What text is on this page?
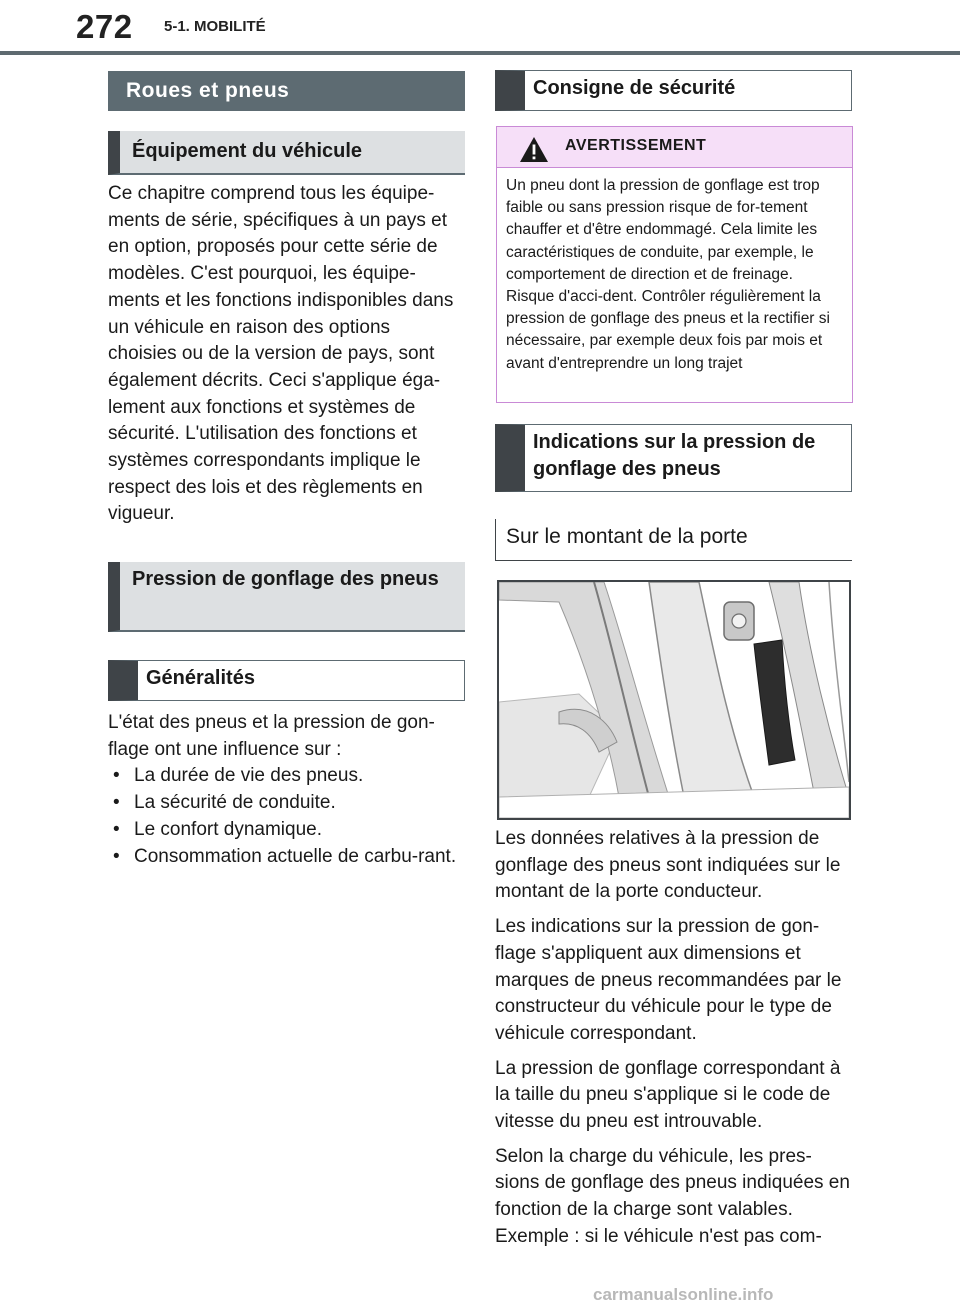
272 5-1. MOBILITÉ
Roues et pneus
Équipement du véhicule

Ce chapitre comprend tous les équipe-ments de série, spécifiques à un pays et en option, proposés pour cette série de modèles. C'est pourquoi, les équipe-ments et les fonctions indisponibles dans un véhicule en raison des options choisies ou de la version de pays, sont également décrits. Ceci s'applique éga-lement aux fonctions et systèmes de sécurité. L'utilisation des fonctions et systèmes correspondants implique le respect des lois et des règlements en vigueur.

Pression de gonflage des pneus
Généralités

L'état des pneus et la pression de gon-flage ont une influence sur :

• La durée de vie des pneus.
• La sécurité de conduite.
• Le confort dynamique.
• Consommation actuelle de carbu-rant.
Consigne de sécurité
AVERTISSEMENT
Un pneu dont la pression de gonflage est trop faible ou sans pression risque de for-tement chauffer et d'être endommagé. Cela limite les caractéristiques de conduite, par exemple, le comportement de direction et de freinage. Risque d'acci-dent. Contrôler régulièrement la pression de gonflage des pneus et la rectifier si nécessaire, par exemple deux fois par mois et avant d'entreprendre un long trajet
Indications sur la pression de gonflage des pneus
Sur le montant de la porte

Les données relatives à la pression de gonflage des pneus sont indiquées sur le montant de la porte conducteur.

Les indications sur la pression de gon-flage s'appliquent aux dimensions et marques de pneus recommandées par le constructeur du véhicule pour le type de véhicule correspondant.

La pression de gonflage correspondant à la taille du pneu s'applique si le code de vitesse du pneu est introuvable.

Selon la charge du véhicule, les pres-sions de gonflage des pneus indiquées en fonction de la charge sont valables. Exemple : si le véhicule n'est pas com-

carmanualsonline.info
